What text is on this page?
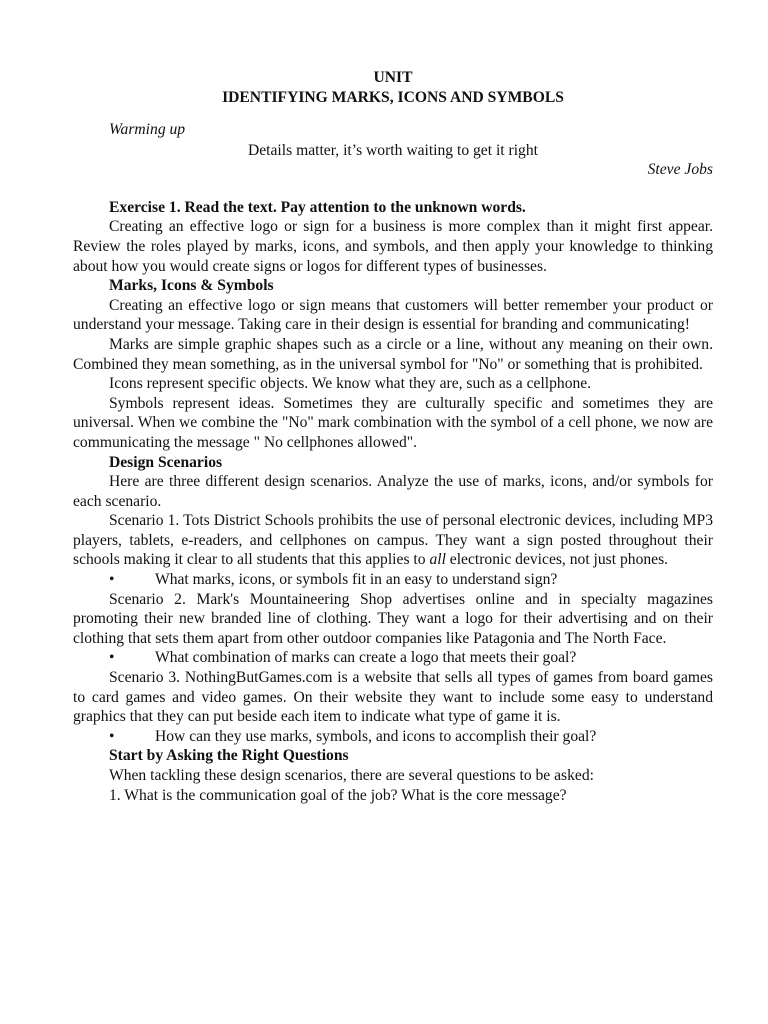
UNIT
IDENTIFYING MARKS, ICONS AND SYMBOLS
Warming up
Details matter, it’s worth waiting to get it right
Steve Jobs
Exercise 1. Read the text. Pay attention to the unknown words.

Creating an effective logo or sign for a business is more complex than it might first appear. Review the roles played by marks, icons, and symbols, and then apply your knowledge to thinking about how you would create signs or logos for different types of businesses.

Marks, Icons & Symbols

Creating an effective logo or sign means that customers will better remember your product or understand your message. Taking care in their design is essential for branding and communicating!

Marks are simple graphic shapes such as a circle or a line, without any meaning on their own. Combined they mean something, as in the universal symbol for "No" or something that is prohibited.

Icons represent specific objects. We know what they are, such as a cellphone.

Symbols represent ideas. Sometimes they are culturally specific and sometimes they are universal. When we combine the "No" mark combination with the symbol of a cell phone, we now are communicating the message " No cellphones allowed".

Design Scenarios

Here are three different design scenarios. Analyze the use of marks, icons, and/or symbols for each scenario.

Scenario 1. Tots District Schools prohibits the use of personal electronic devices, including MP3 players, tablets, e-readers, and cellphones on campus. They want a sign posted throughout their schools making it clear to all students that this applies to all electronic devices, not just phones.

•	What marks, icons, or symbols fit in an easy to understand sign?

Scenario 2. Mark's Mountaineering Shop advertises online and in specialty magazines promoting their new branded line of clothing. They want a logo for their advertising and on their clothing that sets them apart from other outdoor companies like Patagonia and The North Face.

•	What combination of marks can create a logo that meets their goal?

Scenario 3. NothingButGames.com is a website that sells all types of games from board games to card games and video games. On their website they want to include some easy to understand graphics that they can put beside each item to indicate what type of game it is.

•	How can they use marks, symbols, and icons to accomplish their goal?
Start by Asking the Right Questions

When tackling these design scenarios, there are several questions to be asked:

1. What is the communication goal of the job? What is the core message?
